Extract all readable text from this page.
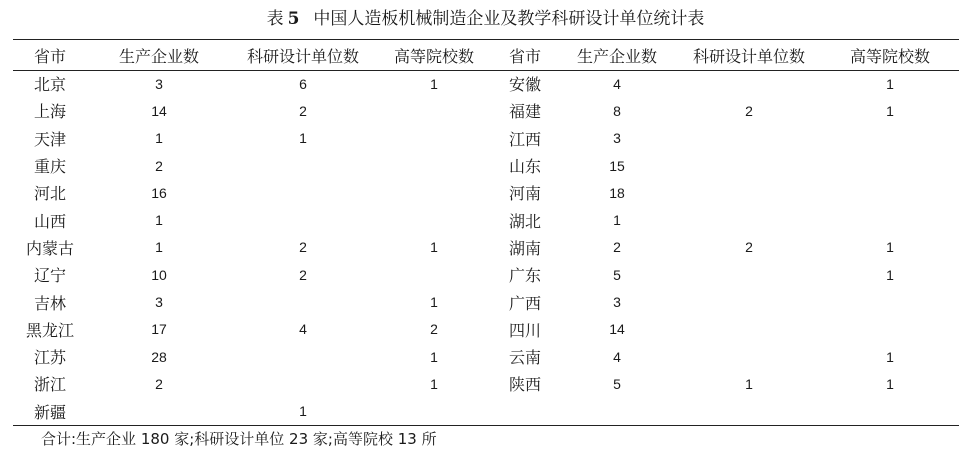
表 5 中国人造板机械制造企业及教学科研设计单位统计表
省市	生产企业数	科研设计单位数	高等院校数	省市	生产企业数	科研设计单位数	高等院校数
北京	3	6	1	安徽	4		1
上海	14	2		福建	8	2	1
天津	1	1		江西	3		
重庆	2			山东	15		
河北	16			河南	18		
山西	1			湖北	1		
内蒙古	1	2	1	湖南	2	2	1
辽宁	10	2		广东	5		1
吉林	3		1	广西	3		
黑龙江	17	4	2	四川	14		
江苏	28		1	云南	4		1
浙江	2		1	陕西	5	1	1
新疆		1					
合计:生产企业 180 家;科研设计单位 23 家;高等院校 13 所
